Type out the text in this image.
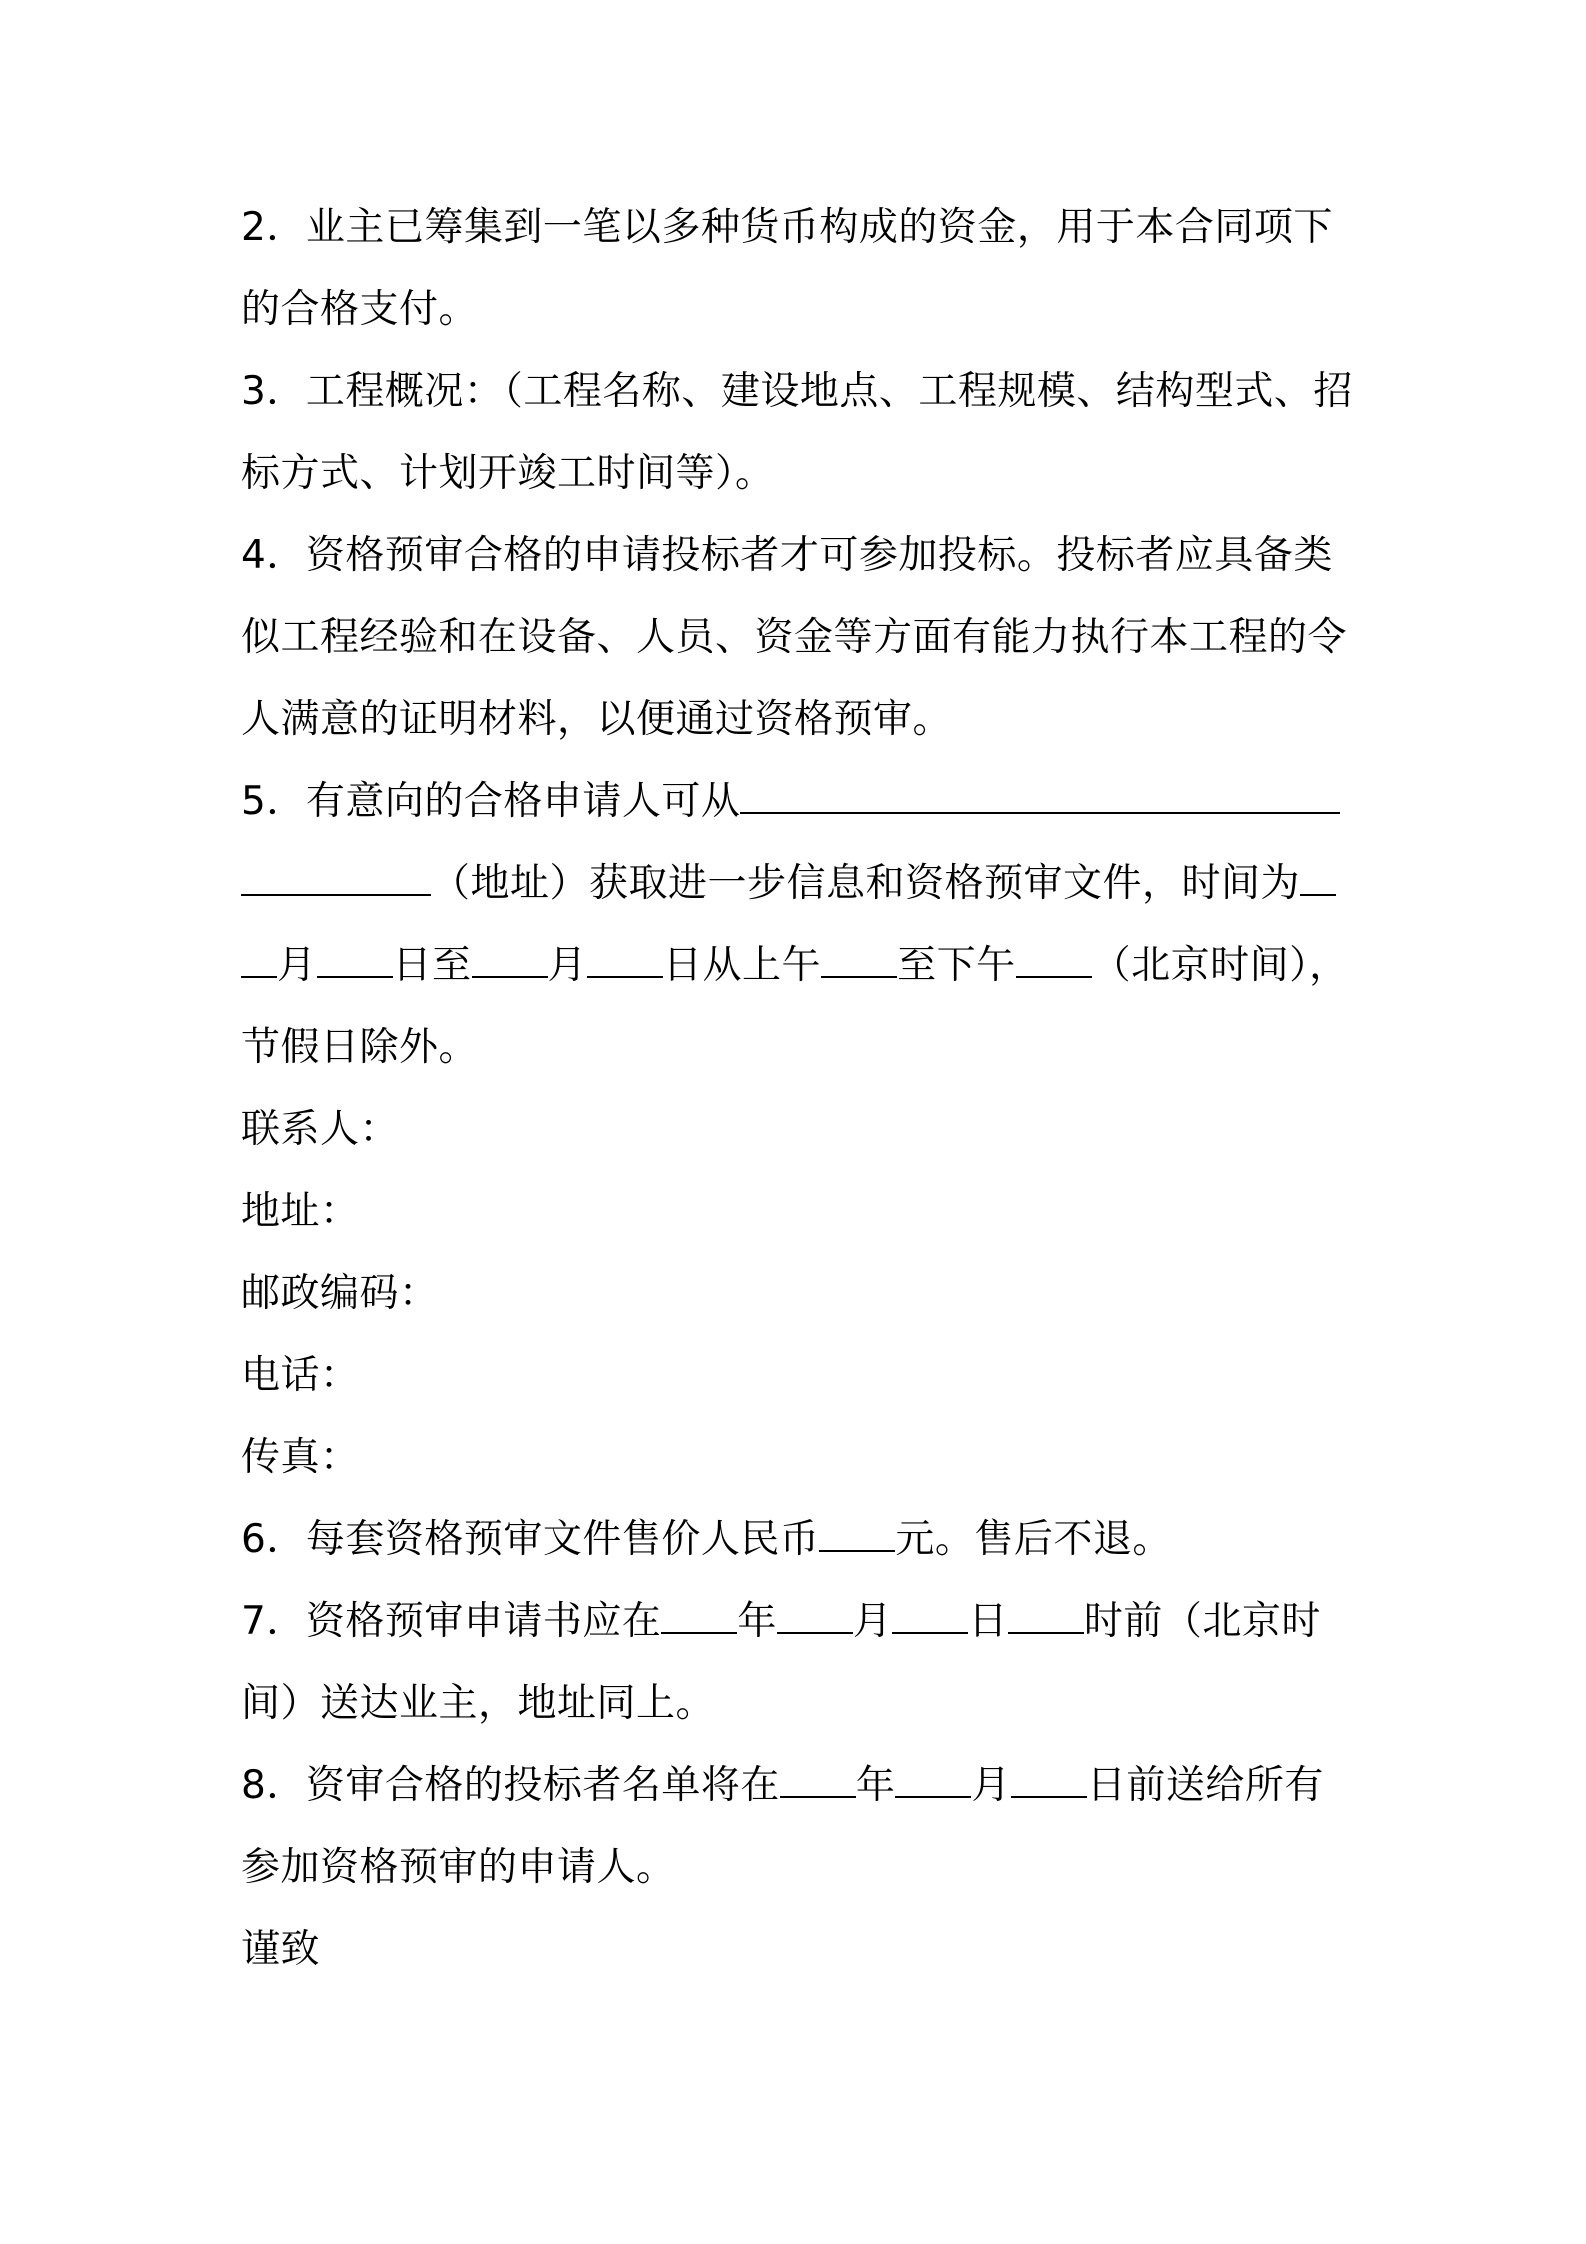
2．业主已筹集到一笔以多种货币构成的资金，用于本合同项下
的合格支付。
3．工程概况：（工程名称、建设地点、工程规模、结构型式、招
标方式、计划开竣工时间等）。
4．资格预审合格的申请投标者才可参加投标。投标者应具备类
似工程经验和在设备、人员、资金等方面有能力执行本工程的令
人满意的证明材料，以便通过资格预审。
5．有意向的合格申请人可从
（地址）获取进一步信息和资格预审文件，时间为
月 日至 月 日从上午 至下午 （北京时间），
节假日除外。
联系人：
地址：
邮政编码：
电话：
传真：
6．每套资格预审文件售价人民币 元。售后不退。
7．资格预审申请书应在 年 月 日 时前（北京时
间）送达业主，地址同上。
8．资审合格的投标者名单将在 年 月 日前送给所有
参加资格预审的申请人。
谨致
